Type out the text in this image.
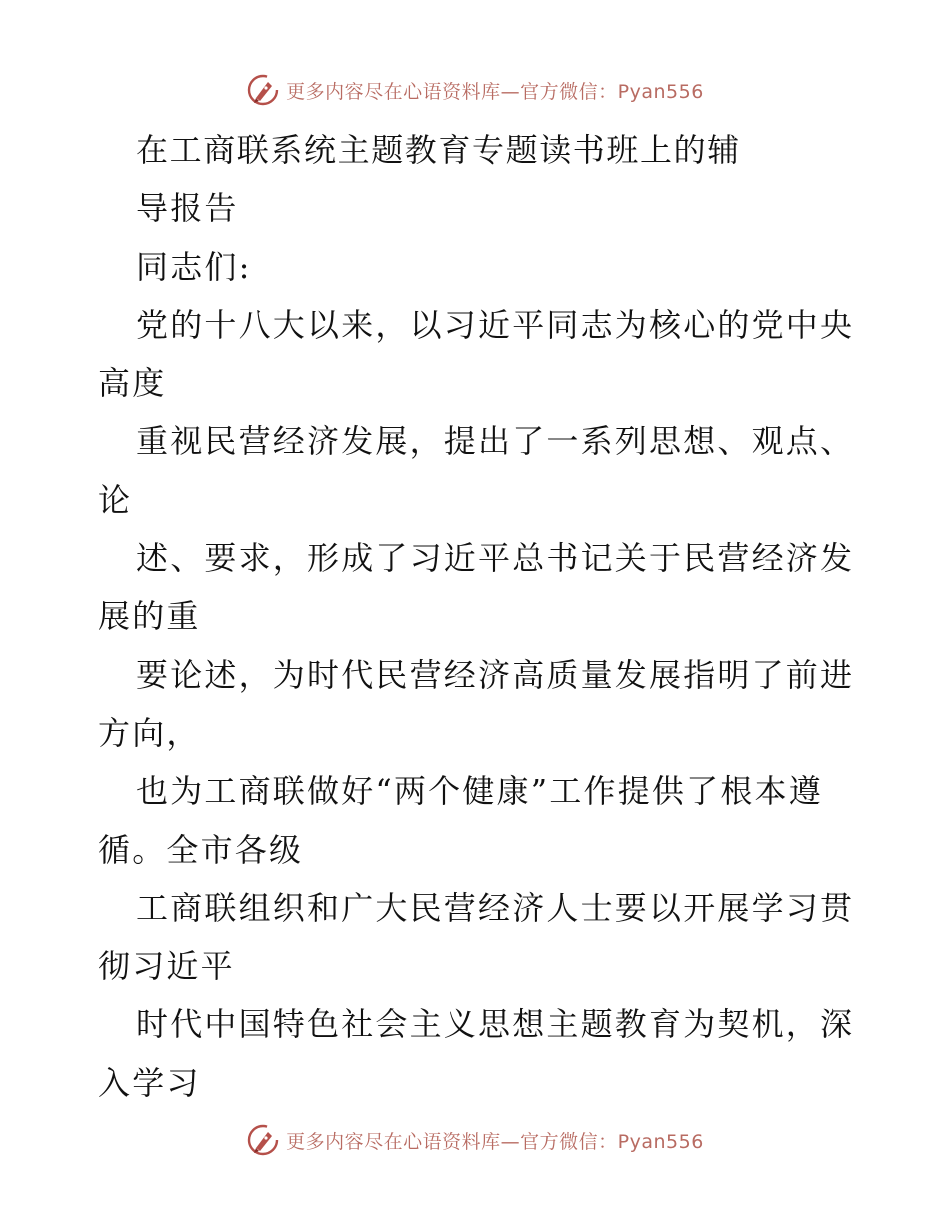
更多内容尽在心语资料库—官方微信：Pyan556
在工商联系统主题教育专题读书班上的辅
导报告
同志们:
党的十八大以来，以习近平同志为核心的党中央
高度
重视民营经济发展，提出了一系列思想、观点、
论
述、要求，形成了习近平总书记关于民营经济发
展的重
要论述，为时代民营经济高质量发展指明了前进
方向，
也为工商联做好“两个健康”工作提供了根本遵
循。全市各级
工商联组织和广大民营经济人士要以开展学习贯
彻习近平
时代中国特色社会主义思想主题教育为契机，深
入学习
更多内容尽在心语资料库—官方微信：Pyan556
